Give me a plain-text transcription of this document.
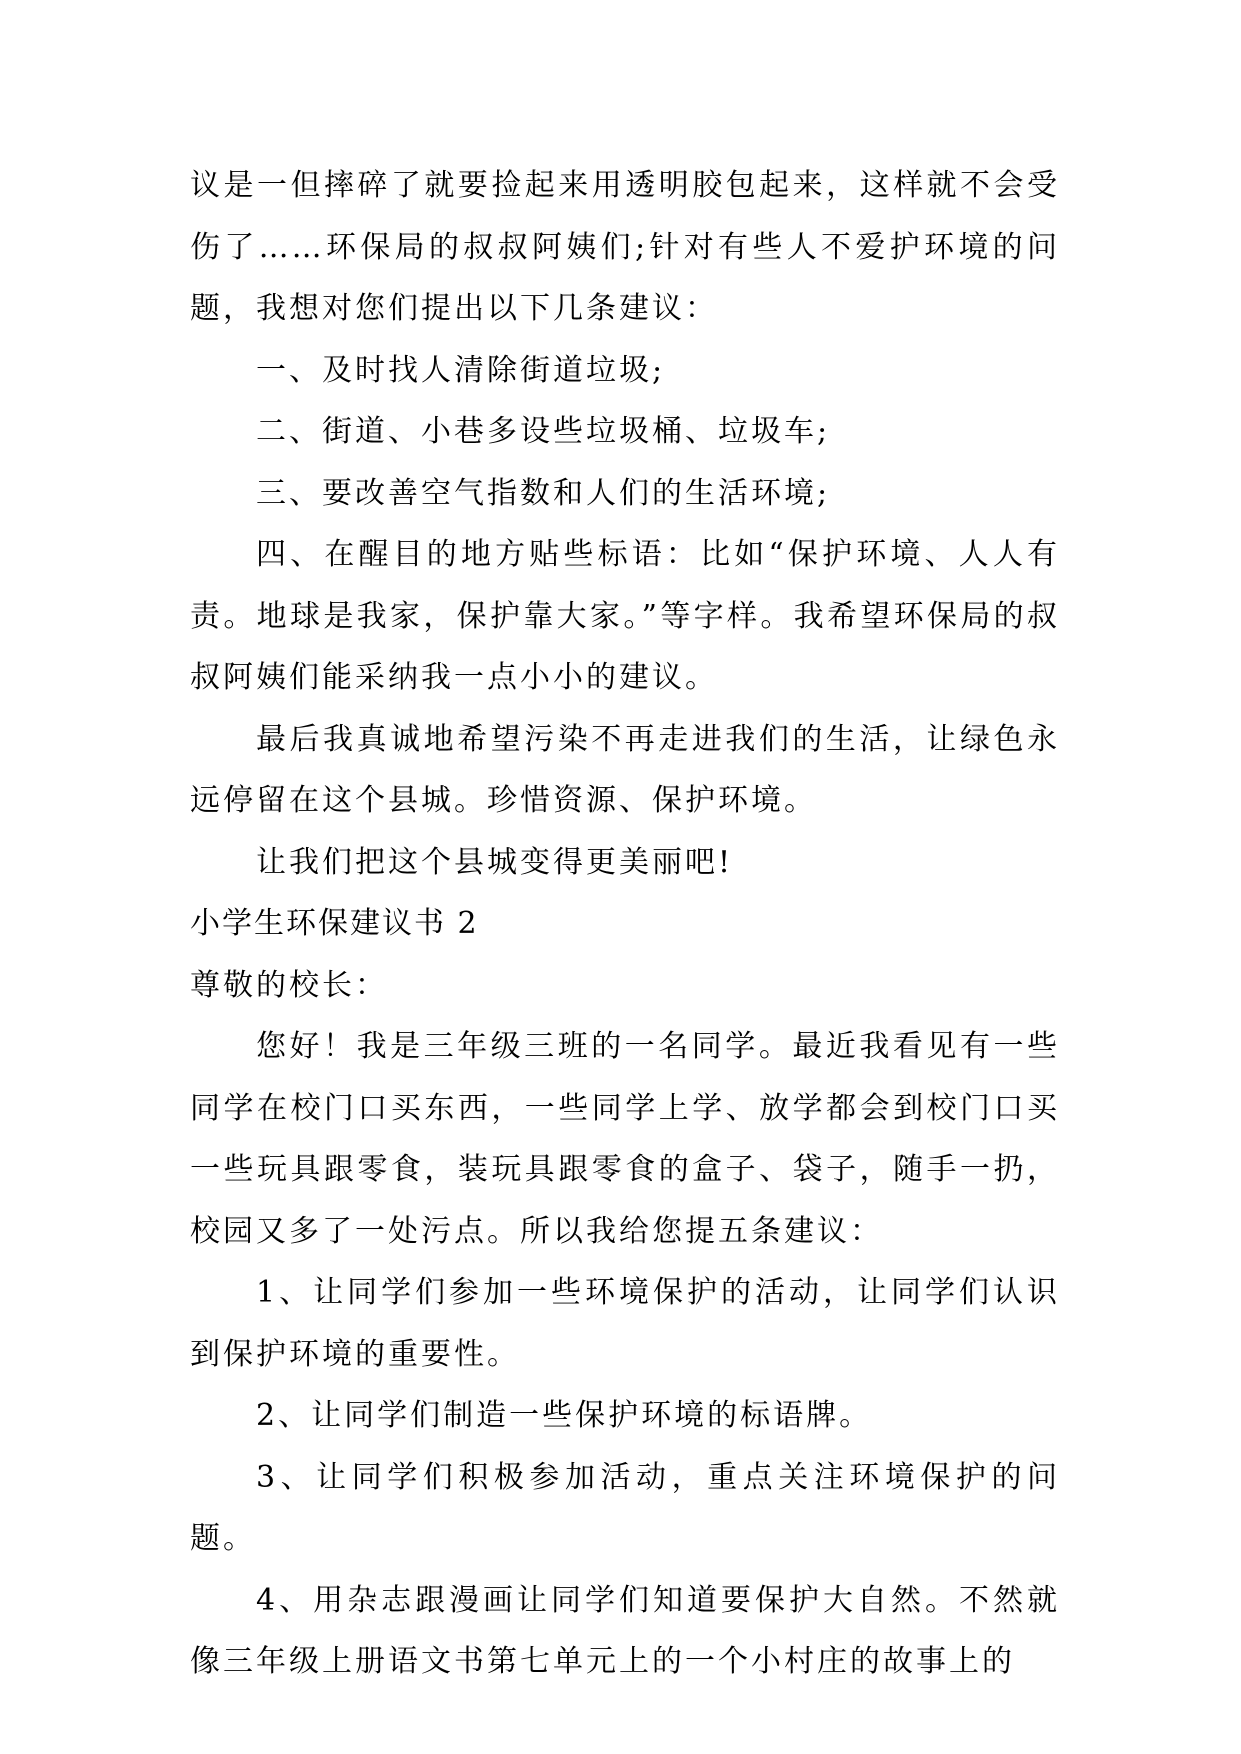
议是一但摔碎了就要捡起来用透明胶包起来，这样就不会受伤了……环保局的叔叔阿姨们;针对有些人不爱护环境的问题，我想对您们提出以下几条建议：

一、及时找人清除街道垃圾;

二、街道、小巷多设些垃圾桶、垃圾车;

三、要改善空气指数和人们的生活环境;

四、在醒目的地方贴些标语：比如“保护环境、人人有责。地球是我家，保护靠大家。”等字样。我希望环保局的叔叔阿姨们能采纳我一点小小的建议。

最后我真诚地希望污染不再走进我们的生活，让绿色永远停留在这个县城。珍惜资源、保护环境。

让我们把这个县城变得更美丽吧!

小学生环保建议书 2

尊敬的校长：

您好！我是三年级三班的一名同学。最近我看见有一些同学在校门口买东西，一些同学上学、放学都会到校门口买一些玩具跟零食，装玩具跟零食的盒子、袋子，随手一扔，校园又多了一处污点。所以我给您提五条建议：

1、让同学们参加一些环境保护的活动，让同学们认识到保护环境的重要性。

2、让同学们制造一些保护环境的标语牌。

3、让同学们积极参加活动，重点关注环境保护的问题。

4、用杂志跟漫画让同学们知道要保护大自然。不然就像三年级上册语文书第七单元上的一个小村庄的故事上的
